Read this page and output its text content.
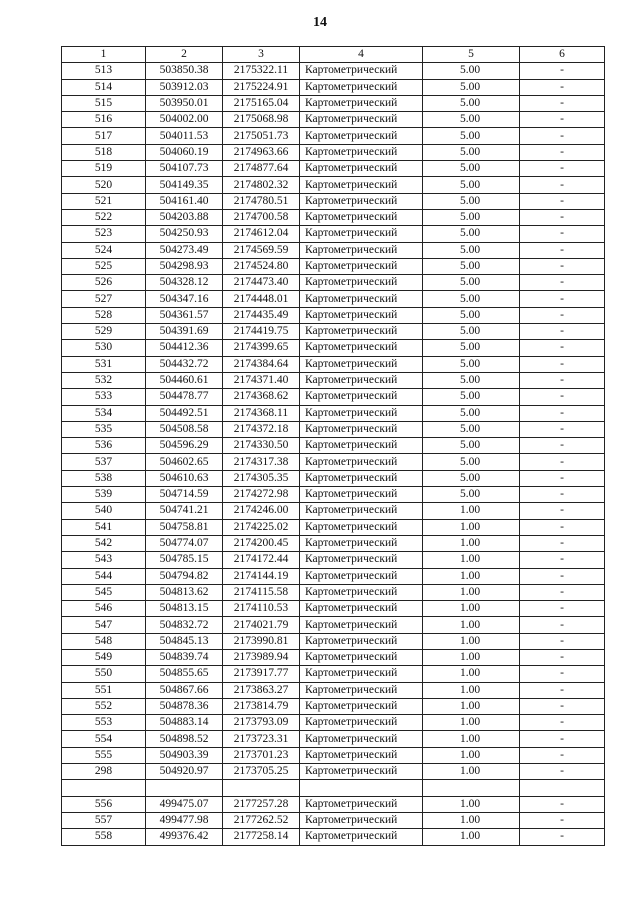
14
1	2	3	4	5	6
513	503850.38	2175322.11	Картометрический	5.00	-
514	503912.03	2175224.91	Картометрический	5.00	-
515	503950.01	2175165.04	Картометрический	5.00	-
516	504002.00	2175068.98	Картометрический	5.00	-
517	504011.53	2175051.73	Картометрический	5.00	-
518	504060.19	2174963.66	Картометрический	5.00	-
519	504107.73	2174877.64	Картометрический	5.00	-
520	504149.35	2174802.32	Картометрический	5.00	-
521	504161.40	2174780.51	Картометрический	5.00	-
522	504203.88	2174700.58	Картометрический	5.00	-
523	504250.93	2174612.04	Картометрический	5.00	-
524	504273.49	2174569.59	Картометрический	5.00	-
525	504298.93	2174524.80	Картометрический	5.00	-
526	504328.12	2174473.40	Картометрический	5.00	-
527	504347.16	2174448.01	Картометрический	5.00	-
528	504361.57	2174435.49	Картометрический	5.00	-
529	504391.69	2174419.75	Картометрический	5.00	-
530	504412.36	2174399.65	Картометрический	5.00	-
531	504432.72	2174384.64	Картометрический	5.00	-
532	504460.61	2174371.40	Картометрический	5.00	-
533	504478.77	2174368.62	Картометрический	5.00	-
534	504492.51	2174368.11	Картометрический	5.00	-
535	504508.58	2174372.18	Картометрический	5.00	-
536	504596.29	2174330.50	Картометрический	5.00	-
537	504602.65	2174317.38	Картометрический	5.00	-
538	504610.63	2174305.35	Картометрический	5.00	-
539	504714.59	2174272.98	Картометрический	5.00	-
540	504741.21	2174246.00	Картометрический	1.00	-
541	504758.81	2174225.02	Картометрический	1.00	-
542	504774.07	2174200.45	Картометрический	1.00	-
543	504785.15	2174172.44	Картометрический	1.00	-
544	504794.82	2174144.19	Картометрический	1.00	-
545	504813.62	2174115.58	Картометрический	1.00	-
546	504813.15	2174110.53	Картометрический	1.00	-
547	504832.72	2174021.79	Картометрический	1.00	-
548	504845.13	2173990.81	Картометрический	1.00	-
549	504839.74	2173989.94	Картометрический	1.00	-
550	504855.65	2173917.77	Картометрический	1.00	-
551	504867.66	2173863.27	Картометрический	1.00	-
552	504878.36	2173814.79	Картометрический	1.00	-
553	504883.14	2173793.09	Картометрический	1.00	-
554	504898.52	2173723.31	Картометрический	1.00	-
555	504903.39	2173701.23	Картометрический	1.00	-
298	504920.97	2173705.25	Картометрический	1.00	-

556	499475.07	2177257.28	Картометрический	1.00	-
557	499477.98	2177262.52	Картометрический	1.00	-
558	499376.42	2177258.14	Картометрический	1.00	-
